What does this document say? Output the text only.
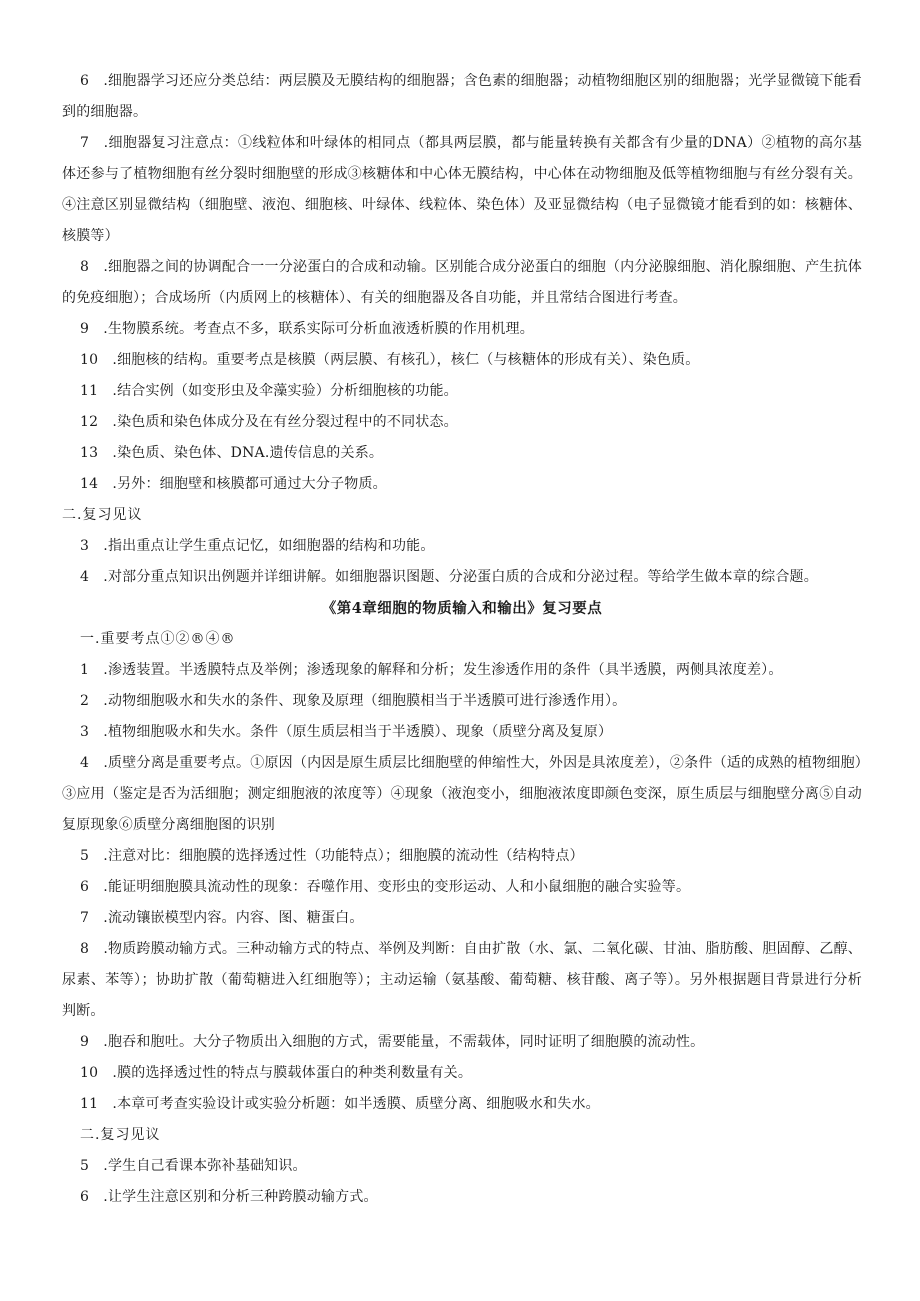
6　.细胞器学习还应分类总结：两层膜及无膜结构的细胞器；含色素的细胞器；动植物细胞区别的细胞器；光学显微镜下能看到的细胞器。

7　.细胞器复习注意点：①线粒体和叶绿体的相同点（都具两层膜，都与能量转换有关都含有少量的DNA）②植物的高尔基体还参与了植物细胞有丝分裂时细胞壁的形成③核糖体和中心体无膜结构，中心体在动物细胞及低等植物细胞与有丝分裂有关。④注意区别显微结构（细胞壁、液泡、细胞核、叶绿体、线粒体、染色体）及亚显微结构（电子显微镜才能看到的如：核糖体、核膜等）

8　.细胞器之间的协调配合一一分泌蛋白的合成和动输。区别能合成分泌蛋白的细胞（内分泌腺细胞、消化腺细胞、产生抗体的免疫细胞）；合成场所（内质网上的核糖体）、有关的细胞器及各自功能，并且常结合图进行考查。

9　.生物膜系统。考查点不多，联系实际可分析血液透析膜的作用机理。

10　.细胞核的结构。重要考点是核膜（两层膜、有核孔），核仁（与核糖体的形成有关）、染色质。

11　.结合实例（如变形虫及伞藻实验）分析细胞核的功能。

12　.染色质和染色体成分及在有丝分裂过程中的不同状态。

13　.染色质、染色体、DNA.遗传信息的关系。

14　.另外：细胞壁和核膜都可通过大分子物质。

二.复习见议

3　.指出重点让学生重点记忆，如细胞器的结构和功能。

4　.对部分重点知识出例题并详细讲解。如细胞器识图题、分泌蛋白质的合成和分泌过程。等给学生做本章的综合题。

《第4章细胞的物质输入和输出》复习要点

一.重要考点①②®④®

1　.渗透装置。半透膜特点及举例；渗透现象的解释和分析；发生渗透作用的条件（具半透膜，两侧具浓度差）。

2　.动物细胞吸水和失水的条件、现象及原理（细胞膜相当于半透膜可进行渗透作用）。

3　.植物细胞吸水和失水。条件（原生质层相当于半透膜）、现象（质壁分离及复原）

4　.质壁分离是重要考点。①原因（内因是原生质层比细胞壁的伸缩性大，外因是具浓度差），②条件（适的成熟的植物细胞）③应用（鉴定是否为活细胞；测定细胞液的浓度等）④现象（液泡变小，细胞液浓度即颜色变深，原生质层与细胞壁分离⑤自动复原现象⑥质壁分离细胞图的识别

5　.注意对比：细胞膜的选择透过性（功能特点）；细胞膜的流动性（结构特点）

6　.能证明细胞膜具流动性的现象：吞噬作用、变形虫的变形运动、人和小鼠细胞的融合实验等。

7　.流动镶嵌模型内容。内容、图、糖蛋白。

8　.物质跨膜动输方式。三种动输方式的特点、举例及判断：自由扩散（水、氯、二氧化碳、甘油、脂肪酸、胆固醇、乙醇、尿素、苯等）；协助扩散（葡萄糖进入红细胞等）；主动运输（氨基酸、葡萄糖、核苷酸、离子等）。另外根据题目背景进行分析判断。

9　.胞吞和胞吐。大分子物质出入细胞的方式，需要能量，不需载体，同时证明了细胞膜的流动性。

10　.膜的选择透过性的特点与膜载体蛋白的种类利数量有关。

11　.本章可考查实验设计或实验分析题：如半透膜、质壁分离、细胞吸水和失水。

二.复习见议

5　.学生自己看课本弥补基础知识。

6　.让学生注意区别和分析三种跨膜动输方式。
